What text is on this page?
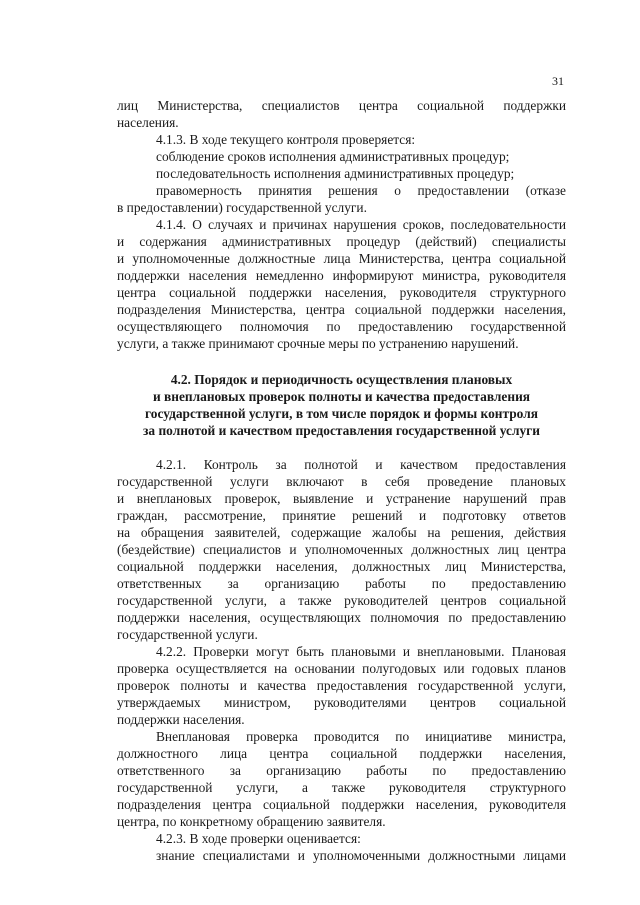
31
лиц Министерства, специалистов центра социальной поддержки
населения.
4.1.3. В ходе текущего контроля проверяется:
соблюдение сроков исполнения административных процедур;
последовательность исполнения административных процедур;
правомерность принятия решения о предоставлении (отказе
в предоставлении) государственной услуги.
4.1.4. О случаях и причинах нарушения сроков, последовательности
и содержания административных процедур (действий) специалисты
и уполномоченные должностные лица Министерства, центра социальной
поддержки населения немедленно информируют министра, руководителя
центра социальной поддержки населения, руководителя структурного
подразделения Министерства, центра социальной поддержки населения,
осуществляющего полномочия по предоставлению государственной
услуги, а также принимают срочные меры по устранению нарушений.
4.2. Порядок и периодичность осуществления плановых
и внеплановых проверок полноты и качества предоставления
государственной услуги, в том числе порядок и формы контроля
за полнотой и качеством предоставления государственной услуги
4.2.1. Контроль за полнотой и качеством предоставления
государственной услуги включают в себя проведение плановых
и внеплановых проверок, выявление и устранение нарушений прав
граждан, рассмотрение, принятие решений и подготовку ответов
на обращения заявителей, содержащие жалобы на решения, действия
(бездействие) специалистов и уполномоченных должностных лиц центра
социальной поддержки населения, должностных лиц Министерства,
ответственных за организацию работы по предоставлению
государственной услуги, а также руководителей центров социальной
поддержки населения, осуществляющих полномочия по предоставлению
государственной услуги.
4.2.2. Проверки могут быть плановыми и внеплановыми. Плановая
проверка осуществляется на основании полугодовых или годовых планов
проверок полноты и качества предоставления государственной услуги,
утверждаемых министром, руководителями центров социальной
поддержки населения.
Внеплановая проверка проводится по инициативе министра,
должностного лица центра социальной поддержки населения,
ответственного за организацию работы по предоставлению
государственной услуги, а также руководителя структурного
подразделения центра социальной поддержки населения, руководителя
центра, по конкретному обращению заявителя.
4.2.3. В ходе проверки оценивается:
знание специалистами и уполномоченными должностными лицами
